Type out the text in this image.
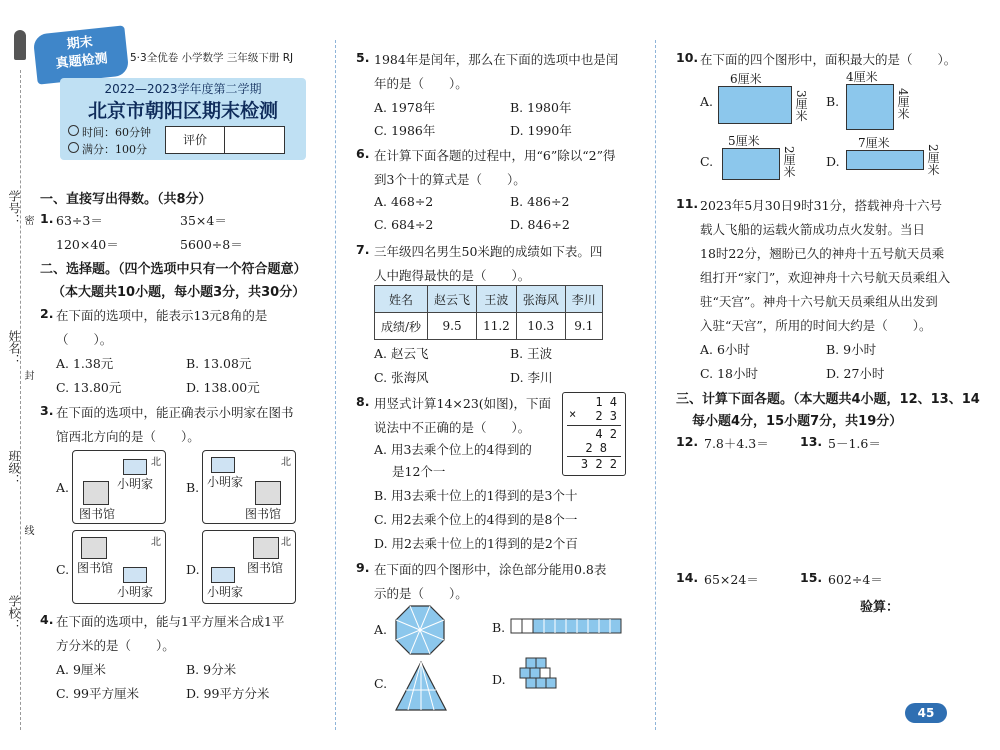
学号：
姓名：
班级：
学校：
密
封
线
期末
真题检测	5·3全优卷 小学数学 三年级下册 RJ
2022—2023学年度第二学期
北京市朝阳区期末检测
时间：60分钟
满分：100分
评价
一、直接写出得数。（共8分）
1. 63÷3＝	35×4＝
120×40＝	5600÷8＝
二、选择题。（四个选项中只有一个符合题意）
（本大题共10小题，每小题3分，共30分）
2. 在下面的选项中，能表示13元8角的是
（　　）。
A. 1.38元	B. 13.08元
C. 13.80元	D. 138.00元
3. 在下面的选项中，能正确表示小明家在图书
馆西北方向的是（　　）。
A.
北
小明家
图书馆
B.
北
小明家
图书馆
C.
北
图书馆
小明家
D.
北
图书馆
小明家
4. 在下面的选项中，能与1平方厘米合成1平
方分米的是（　　）。
A. 9厘米	B. 9分米
C. 99平方厘米	D. 99平方分米
5. 1984年是闰年，那么在下面的选项中也是闰
年的是（　　）。
A. 1978年	B. 1980年
C. 1986年	D. 1990年
6. 在计算下面各题的过程中，用“6”除以“2”得
到3个十的算式是（　　）。
A. 468÷2	B. 486÷2
C. 684÷2	D. 846÷2
7. 三年级四名男生50米跑的成绩如下表。四
人中跑得最快的是（　　）。
姓名	赵云飞	王波	张海风	李川
成绩/秒	9.5	11.2	10.3	9.1
A. 赵云飞	B. 王波
C. 张海风	D. 李川
8. 用竖式计算14×23(如图)，下面
说法中不正确的是（　　）。
A. 用3去乘个位上的4得到的
是12个一
B. 用3去乘十位上的1得到的是3个十
C. 用2去乘个位上的4得到的是8个一
D. 用2去乘十位上的1得到的是2个百
×
1 4
2 3
4 2
2 8
3 2 2
9. 在下面的四个图形中，涂色部分能用0.8表
示的是（　　）。
A.	B.
C.	D.
10. 在下面的四个图形中，面积最大的是（　　）。
A.
6厘米
3厘米 B.
4厘米
4厘米
C.
5厘米
2厘米 D.
7厘米
2厘米
11. 2023年5月30日9时31分，搭载神舟十六号
载人飞船的运载火箭成功点火发射。当日
18时22分，翘盼已久的神舟十五号航天员乘
组打开“家门”，欢迎神舟十六号航天员乘组入
驻“天宫”。神舟十六号航天员乘组从出发到
入驻“天宫”，所用的时间大约是（　　）。
A. 6小时	B. 9小时
C. 18小时	D. 27小时
三、计算下面各题。（本大题共4小题，12、13、14
每小题4分，15小题7分，共19分）
12. 7.8＋4.3＝ 13. 5－1.6＝
14. 65×24＝	15. 602÷4＝
验算：
45
